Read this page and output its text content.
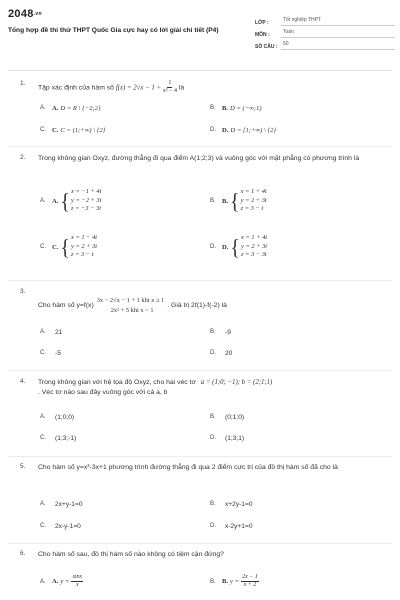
2048.vn
Tổng hợp đề thi thử THPT Quốc Gia cực hay có lời giải chi tiết (P4)
LỚP :	Tốt nghiệp THPT
MÔN :	Toán
SỐ CÂU :	50
1.
Tập xác định của hàm số $f(x) = 2√x - 1 + \frac{1}{\text{x² − 4}}$ là
A. A. D = R \ {−2;2}	B. B. D = (−∞;1)
C. C. C = (1;+∞) \ {2}	D. D. D = [1;+∞) \ {2}
2. Trong không gian Oxyz, đường thẳng đi qua điểm A(1;2;3) và vuông góc với mặt phẳng có phương trình là
A. A. { x = −1 + 4t
y = −2 + 3t
z = −3 − 3t
B. B. { x = 1 + 4t
y = 2 + 3t
z = 3 − t
C. C. { x = 1 − 4t
y = 2 + 3t
z = 3 − t
D. D. { x = 1 + 4t
y = 2 + 3t
z = 3 − 3t
3.
Cho hàm số y=f(x)
3x − 2√x − 1 + 1 khi x ≥ 1
2x² + 5 khi x < 1
. Giá trị 2f(1)-f(-2) là
A.	21	B.	-9
C.	-5	D.	20
4. Trong không gian với hệ tọa độ Oxyz, cho hai véc tơ a = (1;0; −1); b = (2;1;1)
. Véc tơ nào sau đây vuông góc với cả a, b
A.	(1;0;0)	B.	(0;1;0)
C.	(1;3;-1)	D.	(1;3;1)
5. Cho hàm số y=x³-3x+1 phương trình đường thẳng đi qua 2 điểm cực trị của đồ thị hàm số đã cho là
A.	2x+y-1=0	B.	x+2y-1=0
C.	2x-y-1=0	D.	x-2y+1=0
6. Cho hàm số sau, đồ thị hàm số nào không có tiệm cận đứng?
A. A. $y = \frac{\sin x}{x}$	B. B. $y = \frac{2x - 1}{x + 2}$
